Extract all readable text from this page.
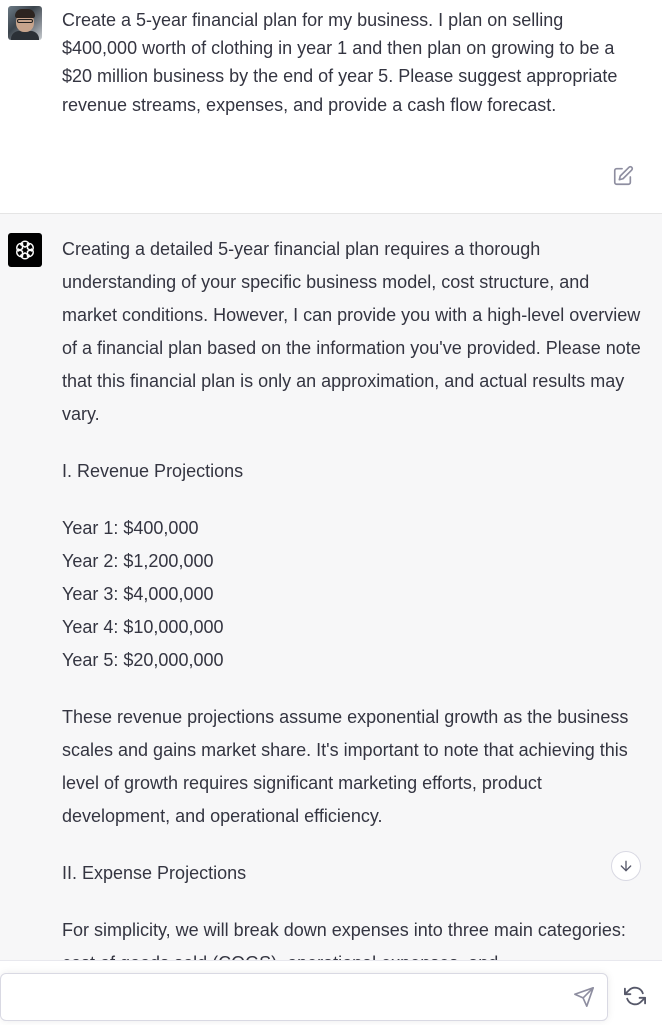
Create a 5-year financial plan for my business. I plan on selling $400,000 worth of clothing in year 1 and then plan on growing to be a $20 million business by the end of year 5. Please suggest appropriate revenue streams, expenses, and provide a cash flow forecast.

Creating a detailed 5-year financial plan requires a thorough understanding of your specific business model, cost structure, and market conditions. However, I can provide you with a high-level overview of a financial plan based on the information you've provided. Please note that this financial plan is only an approximation, and actual results may vary.

I. Revenue Projections

Year 1: $400,000
Year 2: $1,200,000
Year 3: $4,000,000
Year 4: $10,000,000
Year 5: $20,000,000

These revenue projections assume exponential growth as the business scales and gains market share. It's important to note that achieving this level of growth requires significant marketing efforts, product development, and operational efficiency.

II. Expense Projections

For simplicity, we will break down expenses into three main categories:
